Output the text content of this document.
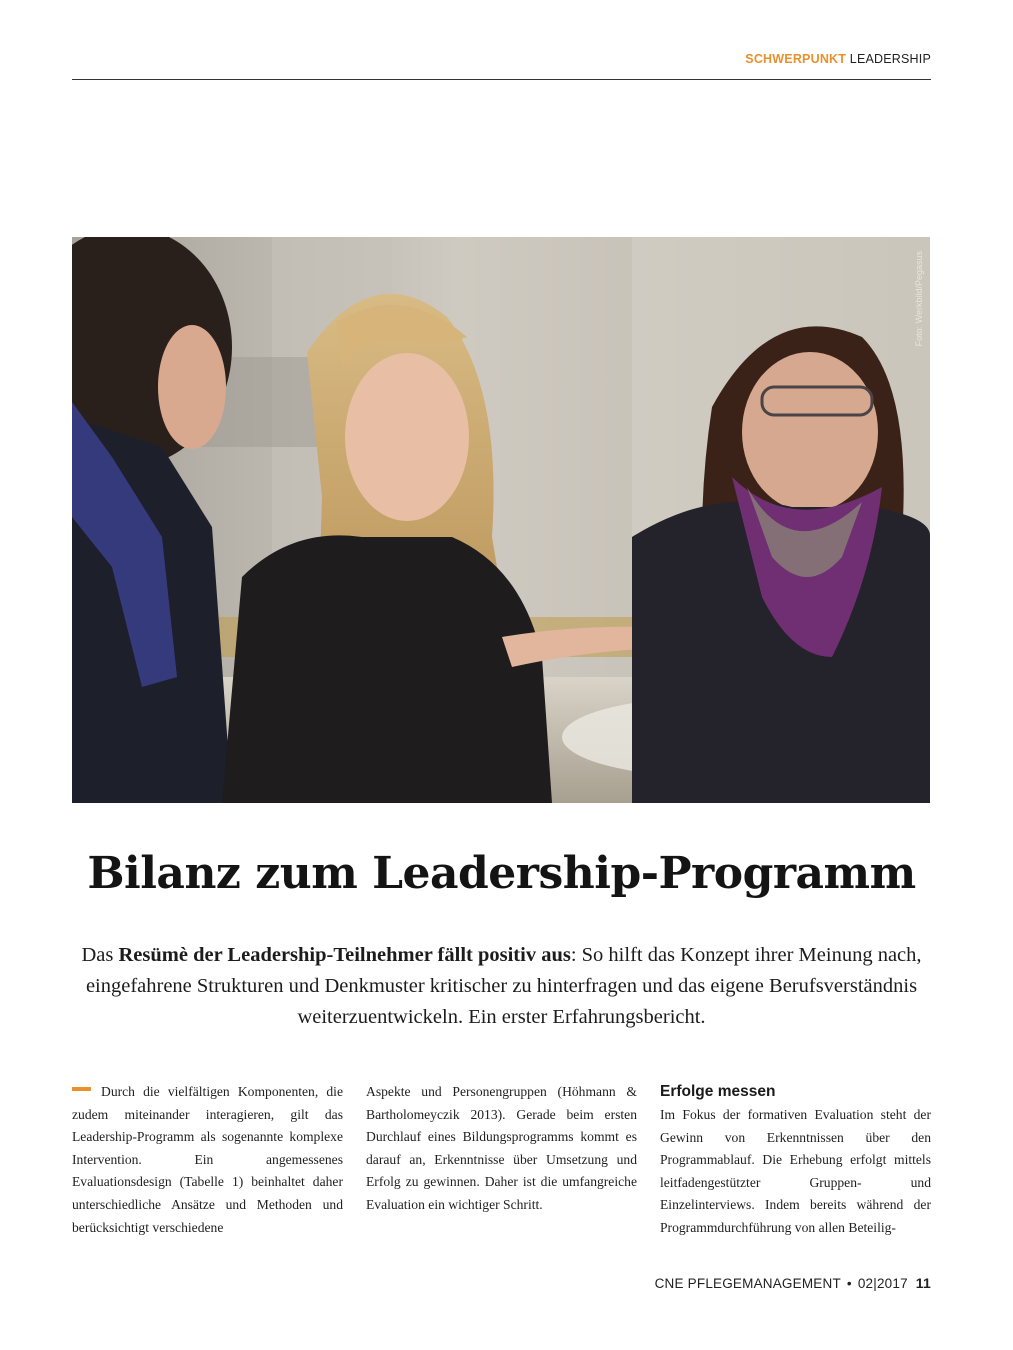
SCHWERPUNKT LEADERSHIP
Foto: Werkbild/Pegasus
Bilanz zum Leadership-Programm

Das Resümè der Leadership-Teilnehmer fällt positiv aus: So hilft das Konzept ihrer Meinung nach, eingefahrene Strukturen und Denkmuster kritischer zu hinterfragen und das eigene Berufsverständnis weiterzuentwickeln. Ein erster Erfahrungsbericht.

Durch die vielfältigen Komponenten, die zudem miteinander interagieren, gilt das Leadership-Programm als sogenannte komplexe Intervention. Ein angemessenes Evaluationsdesign (Tabelle 1) beinhaltet daher unterschiedliche Ansätze und Methoden und berücksichtigt verschiedene

Aspekte und Personengruppen (Höhmann & Bartholomeyczik 2013). Gerade beim ersten Durchlauf eines Bildungsprogramms kommt es darauf an, Erkenntnisse über Umsetzung und Erfolg zu gewinnen. Daher ist die umfangreiche Evaluation ein wichtiger Schritt.

Erfolge messen
Im Fokus der formativen Evaluation steht der Gewinn von Erkenntnissen über den Programmablauf. Die Erhebung erfolgt mittels leitfadengestützter Gruppen- und Einzelinterviews. Indem bereits während der Programmdurchführung von allen Beteilig-
CNE PFLEGEMANAGEMENT • 02|2017 11
